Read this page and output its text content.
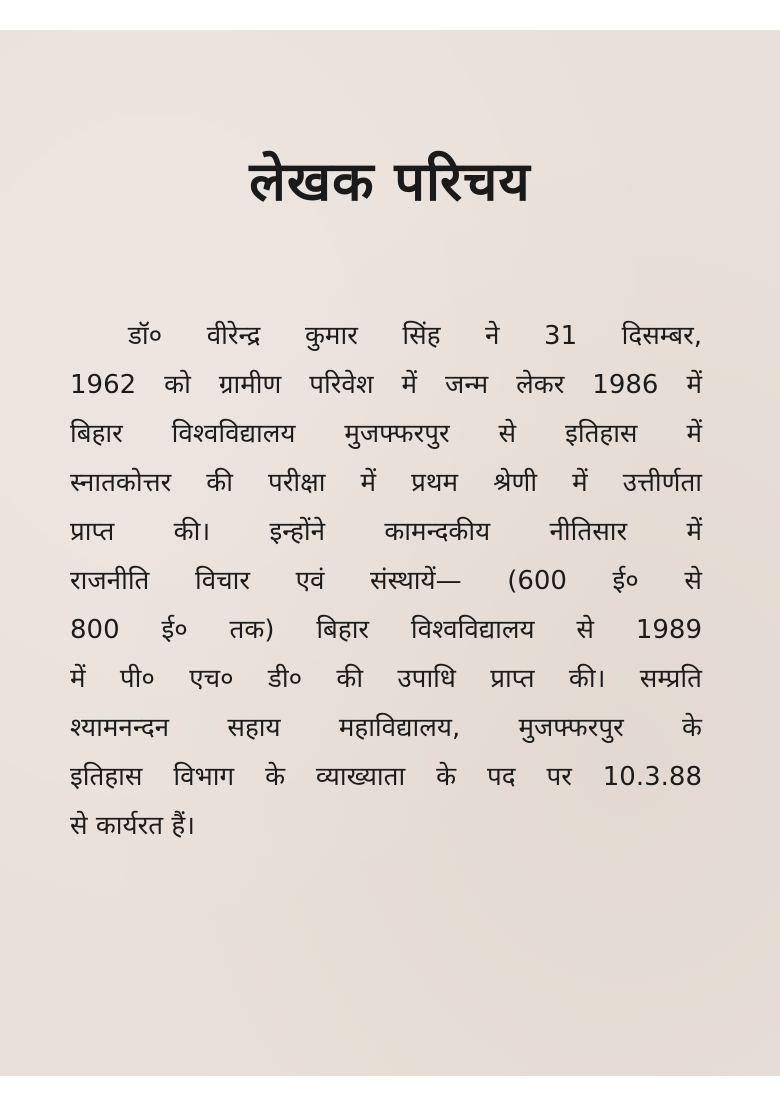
लेखक परिचय
डॉ० वीरेन्द्र कुमार सिंह ने 31 दिसम्बर,
1962 को ग्रामीण परिवेश में जन्म लेकर 1986 में
बिहार विश्वविद्यालय मुजफ्फरपुर से इतिहास में
स्नातकोत्तर की परीक्षा में प्रथम श्रेणी में उत्तीर्णता
प्राप्त की। इन्होंने कामन्दकीय नीतिसार में
राजनीति विचार एवं संस्थायें— (600 ई० से
800 ई० तक) बिहार विश्वविद्यालय से 1989
में पी० एच० डी० की उपाधि प्राप्त की। सम्प्रति
श्यामनन्दन सहाय महाविद्यालय, मुजफ्फरपुर के
इतिहास विभाग के व्याख्याता के पद पर 10.3.88
से कार्यरत हैं।
